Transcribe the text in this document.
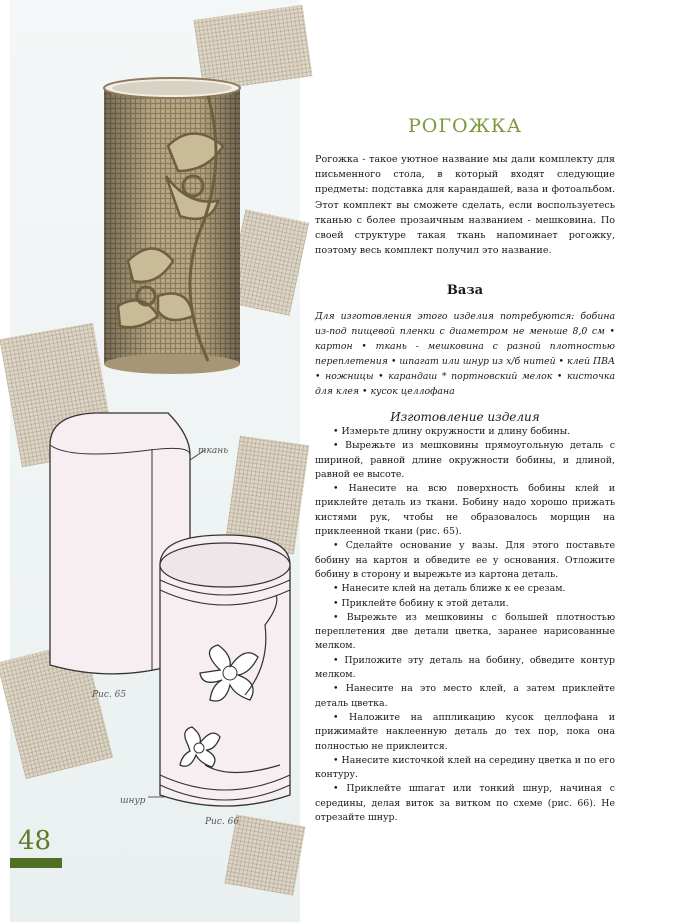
ткань
Рис. 65
шнур
Рис. 66
48
РОГОЖКА
Рогожка - такое уютное название мы дали комплекту для письменного стола, в который входят следующие предметы: подставка для карандашей, ваза и фотоальбом. Этот комплект вы сможете сделать, если воспользуетесь тканью с более прозаичным названием - мешковина. По своей структуре такая ткань напоминает рогожку, поэтому весь комплект получил это название.
Ваза
Для изготовления этого изделия потребуются: бобина из-под пищевой пленки с диаметром не меньше 8,0 см • картон • ткань - мешковина с разной плотностью переплетения • шпагат или шнур из х/б нитей • клей ПВА • ножницы • карандаш * портновский мелок • кисточка для клея • кусок целлофана
Изготовление изделия

• Измерьте длину окружности и длину бобины.

• Вырежьте из мешковины прямоугольную деталь с шириной, равной длине окружности бобины, и длиной, равной ее высоте.

• Нанесите на всю поверхность бобины клей и приклейте деталь из ткани. Бобину надо хорошо прижать кистями рук, чтобы не образовалось морщин на приклеенной ткани (рис. 65).

• Сделайте основание у вазы. Для этого поставьте бобину на картон и обведите ее у основания. Отложите бобину в сторону и вырежьте из картона деталь.

• Нанесите клей на деталь ближе к ее срезам.

• Приклейте бобину к этой детали.

• Вырежьте из мешковины с большей плотностью переплетения две детали цветка, заранее нарисованные мелком.

• Приложите эту деталь на бобину, обведите контур мелком.

• Нанесите на это место клей, а затем приклейте деталь цветка.

• Наложите на аппликацию кусок целлофана и прижимайте наклеенную деталь до тех пор, пока она полностью не приклеится.

• Нанесите кисточкой клей на середину цветка и по его контуру.

• Приклейте шпагат или тонкий шнур, начиная с середины, делая виток за витком по схеме (рис. 66). Не отрезайте шнур.
